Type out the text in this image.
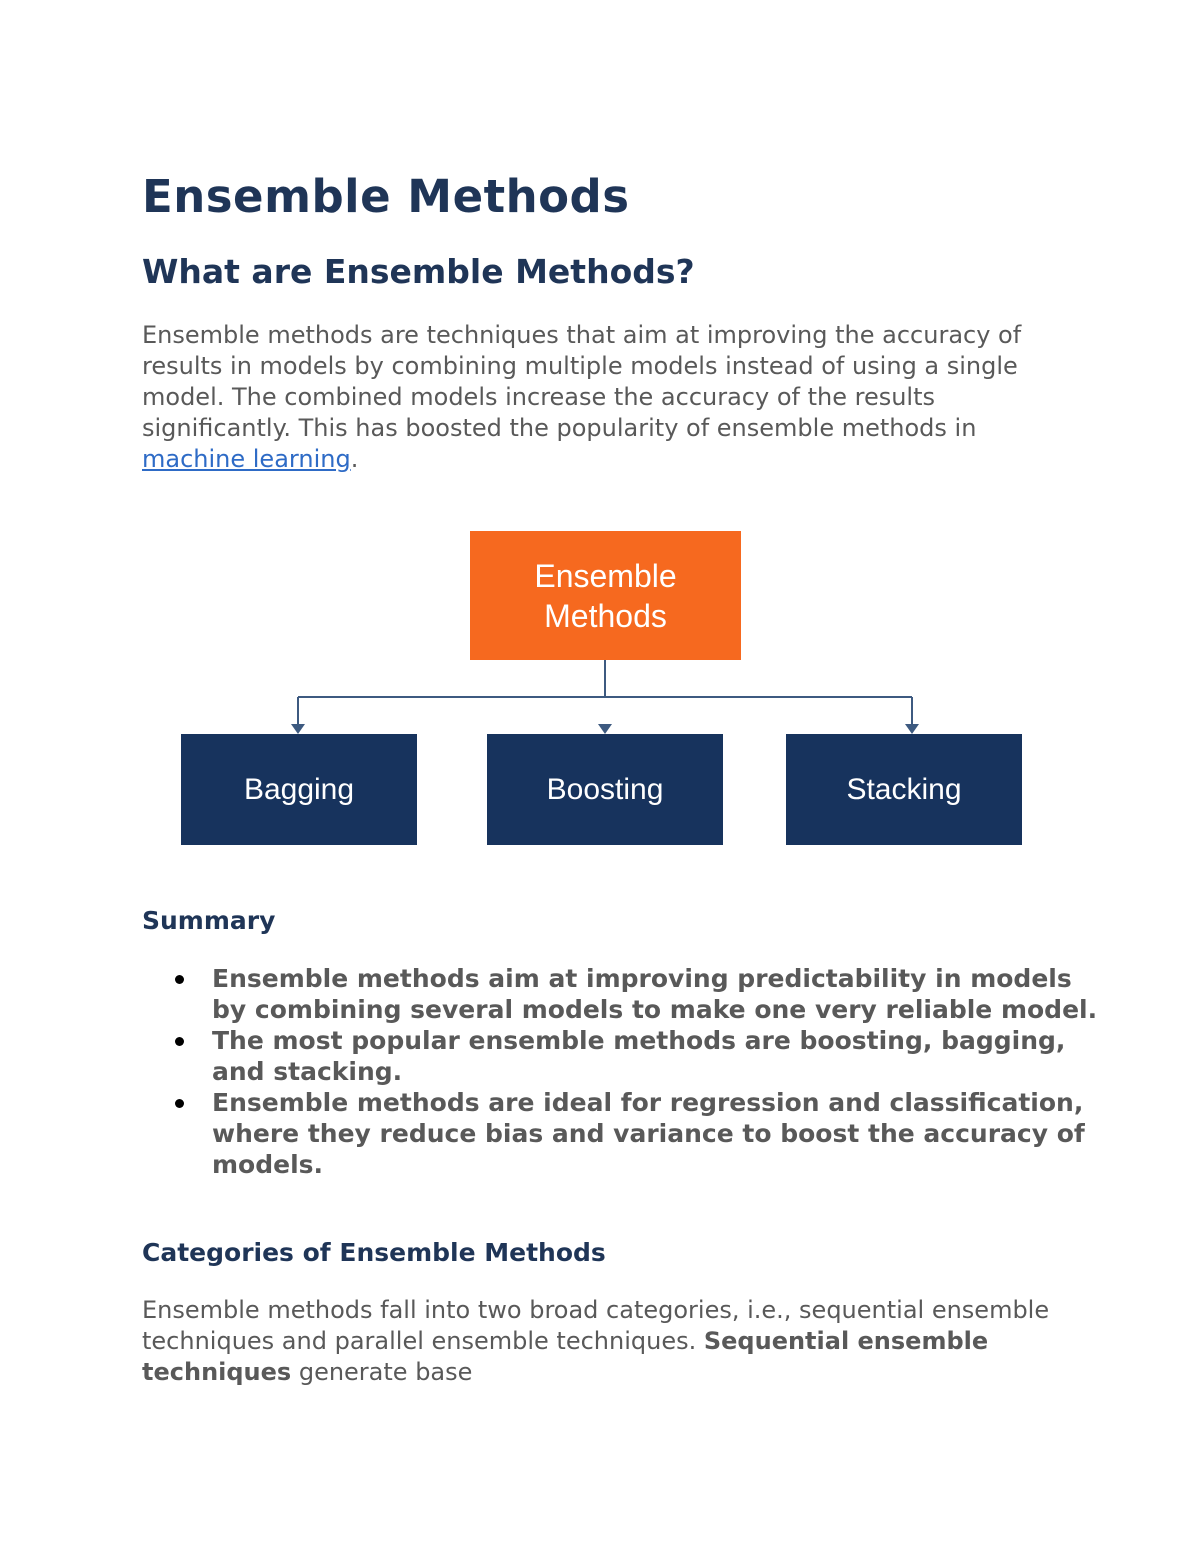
Ensemble Methods
What are Ensemble Methods?

Ensemble methods are techniques that aim at improving the accuracy of results in models by combining multiple models instead of using a single model. The combined models increase the accuracy of the results significantly. This has boosted the popularity of ensemble methods in machine learning.

Summary
Ensemble methods aim at improving predictability in models by combining several models to make one very reliable model.
The most popular ensemble methods are boosting, bagging, and stacking.
Ensemble methods are ideal for regression and classification, where they reduce bias and variance to boost the accuracy of models.
Categories of Ensemble Methods

Ensemble methods fall into two broad categories, i.e., sequential ensemble techniques and parallel ensemble techniques. Sequential ensemble techniques generate base

Ensemble
Methods
Bagging	Boosting	Stacking
